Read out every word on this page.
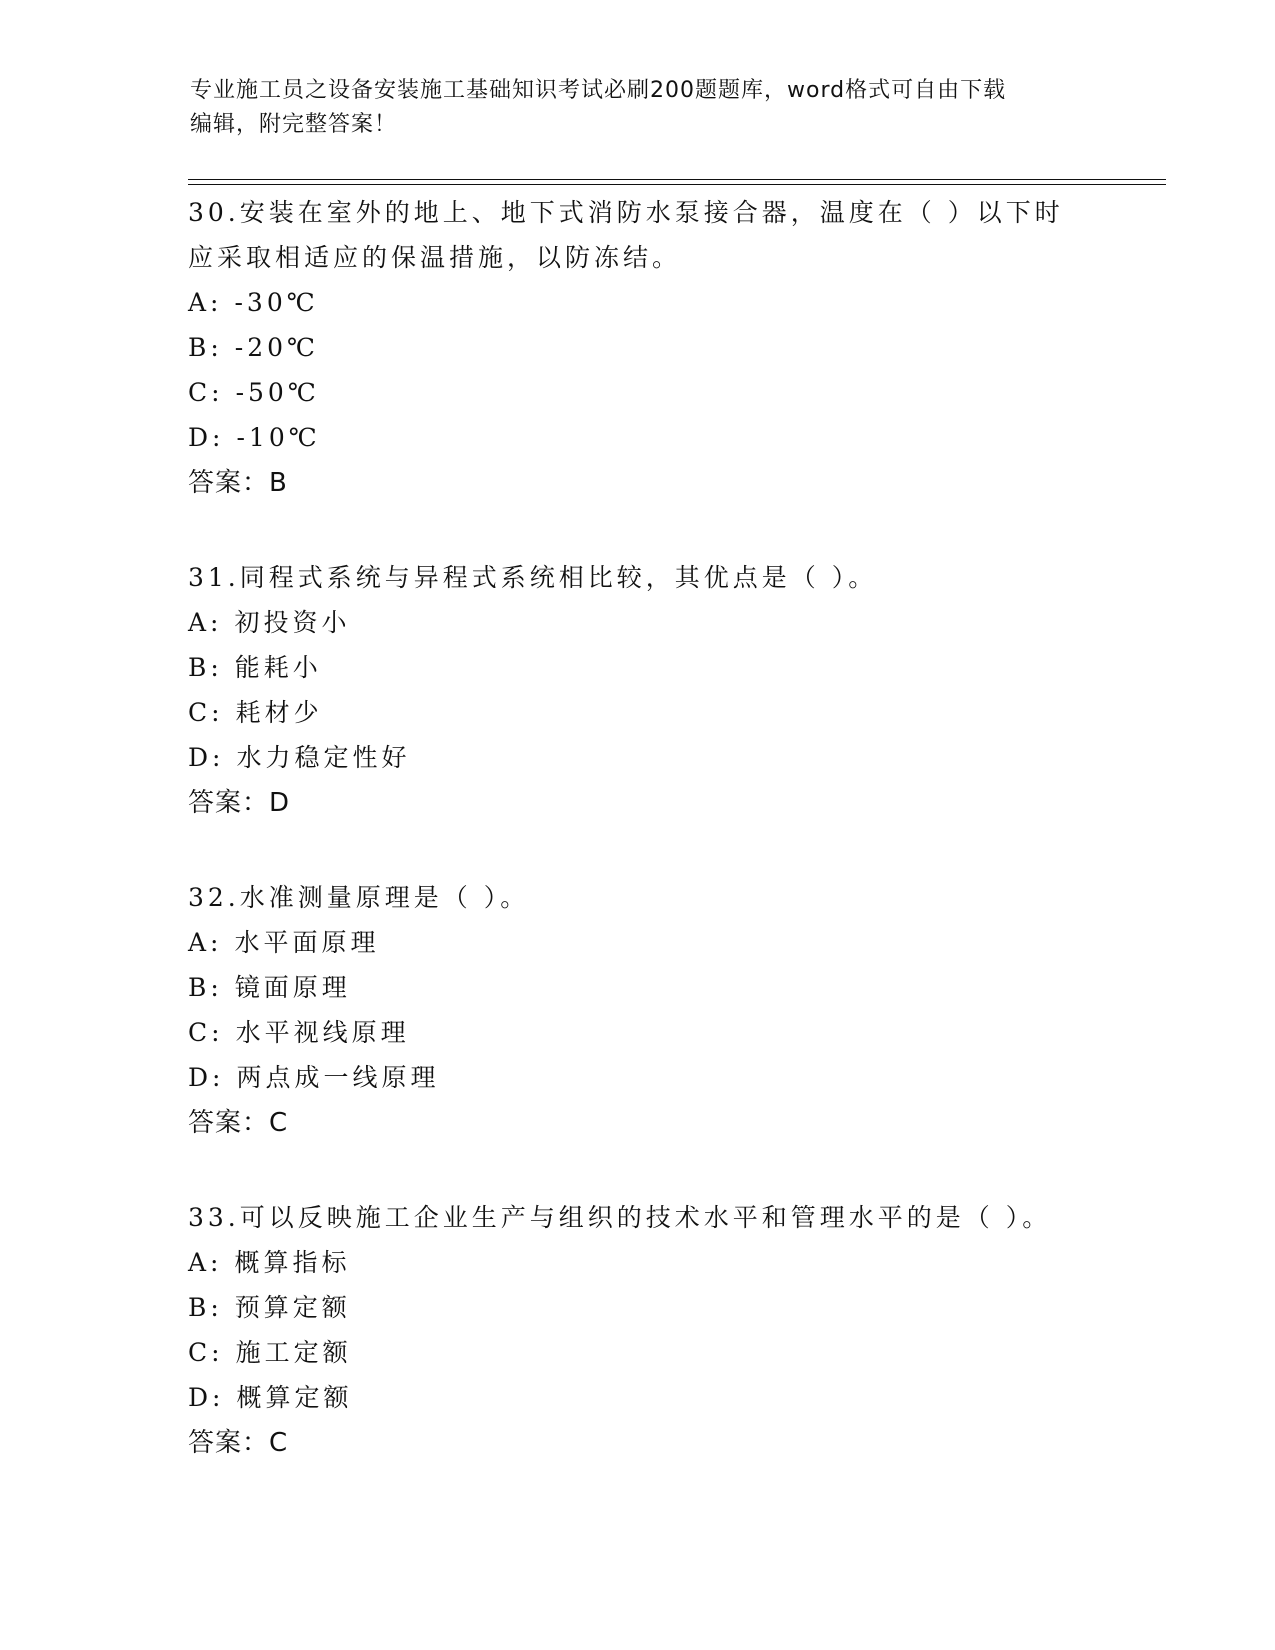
专业施工员之设备安装施工基础知识考试必刷200题题库，word格式可自由下载
编辑，附完整答案！
30.安装在室外的地上、地下式消防水泵接合器，温度在（ ）以下时
应采取相适应的保温措施，以防冻结。
A: -30℃
B: -20℃
C: -50℃
D: -10℃
答案：B
31.同程式系统与异程式系统相比较，其优点是（ ）。
A: 初投资小
B: 能耗小
C: 耗材少
D: 水力稳定性好
答案：D
32.水准测量原理是（ ）。
A: 水平面原理
B: 镜面原理
C: 水平视线原理
D: 两点成一线原理
答案：C
33.可以反映施工企业生产与组织的技术水平和管理水平的是（ ）。
A: 概算指标
B: 预算定额
C: 施工定额
D: 概算定额
答案：C
